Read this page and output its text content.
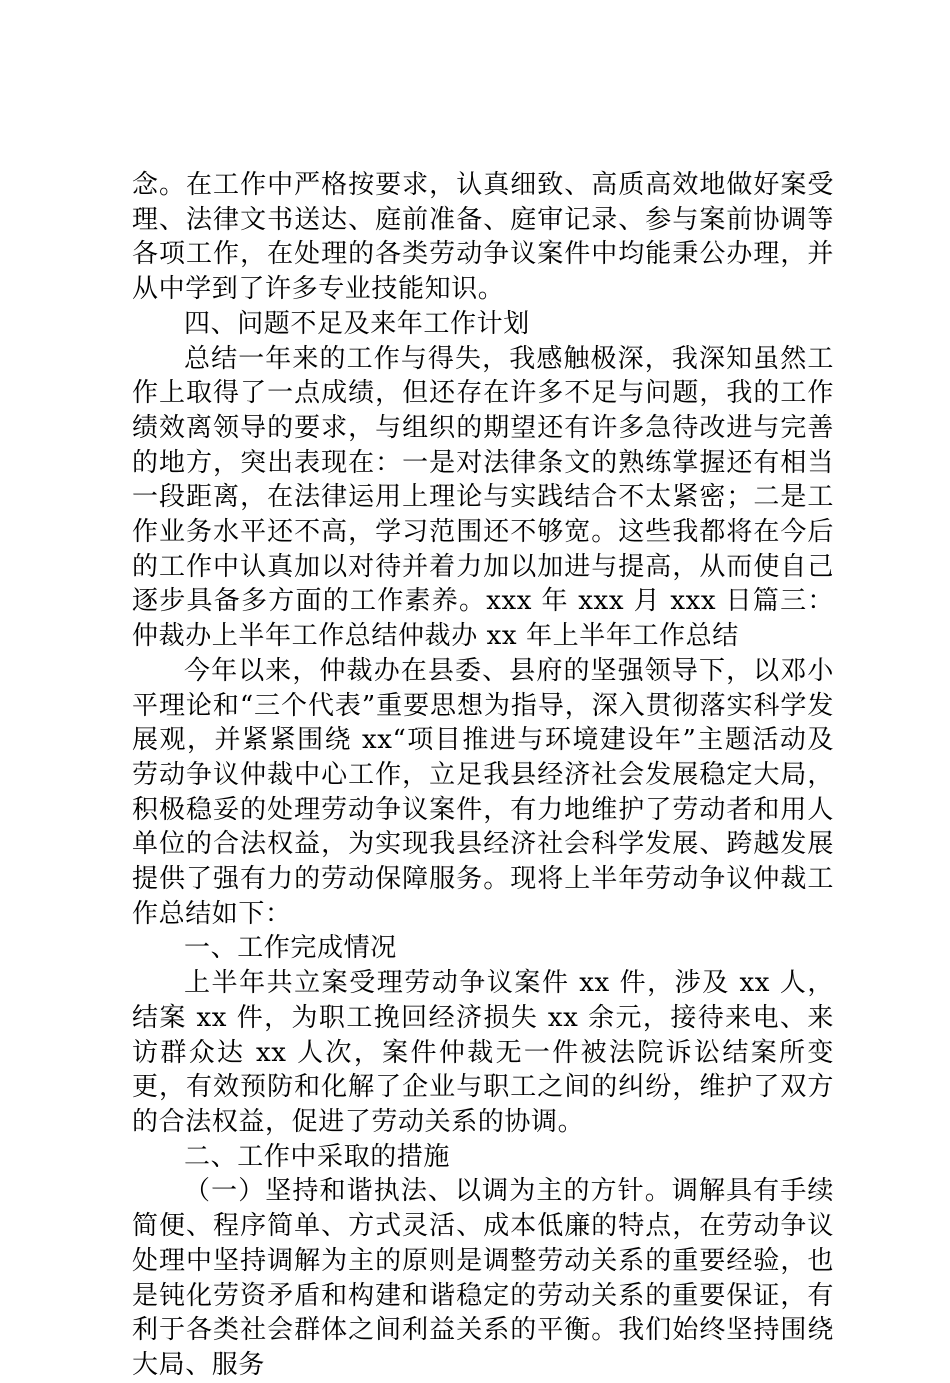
念。在工作中严格按要求，认真细致、高质高效地做好案受理、法律文书送达、庭前准备、庭审记录、参与案前协调等各项工作，在处理的各类劳动争议案件中均能秉公办理，并从中学到了许多专业技能知识。

四、问题不足及来年工作计划

总结一年来的工作与得失，我感触极深，我深知虽然工作上取得了一点成绩，但还存在许多不足与问题，我的工作绩效离领导的要求，与组织的期望还有许多急待改进与完善的地方，突出表现在：一是对法律条文的熟练掌握还有相当一段距离，在法律运用上理论与实践结合不太紧密；二是工作业务水平还不高，学习范围还不够宽。这些我都将在今后的工作中认真加以对待并着力加以加进与提高，从而使自己逐步具备多方面的工作素养。xxx 年 xxx 月 xxx 日篇三：仲裁办上半年工作总结仲裁办 xx 年上半年工作总结

今年以来，仲裁办在县委、县府的坚强领导下，以邓小平理论和“三个代表”重要思想为指导，深入贯彻落实科学发展观，并紧紧围绕 xx“项目推进与环境建设年”主题活动及劳动争议仲裁中心工作，立足我县经济社会发展稳定大局，积极稳妥的处理劳动争议案件，有力地维护了劳动者和用人单位的合法权益，为实现我县经济社会科学发展、跨越发展提供了强有力的劳动保障服务。现将上半年劳动争议仲裁工作总结如下：

一、工作完成情况

上半年共立案受理劳动争议案件 xx 件，涉及 xx 人，结案 xx 件，为职工挽回经济损失 xx 余元，接待来电、来访群众达 xx 人次，案件仲裁无一件被法院诉讼结案所变更，有效预防和化解了企业与职工之间的纠纷，维护了双方的合法权益，促进了劳动关系的协调。

二、工作中采取的措施

（一）坚持和谐执法、以调为主的方针。调解具有手续简便、程序简单、方式灵活、成本低廉的特点，在劳动争议处理中坚持调解为主的原则是调整劳动关系的重要经验，也是钝化劳资矛盾和构建和谐稳定的劳动关系的重要保证，有利于各类社会群体之间利益关系的平衡。我们始终坚持围绕大局、服务
